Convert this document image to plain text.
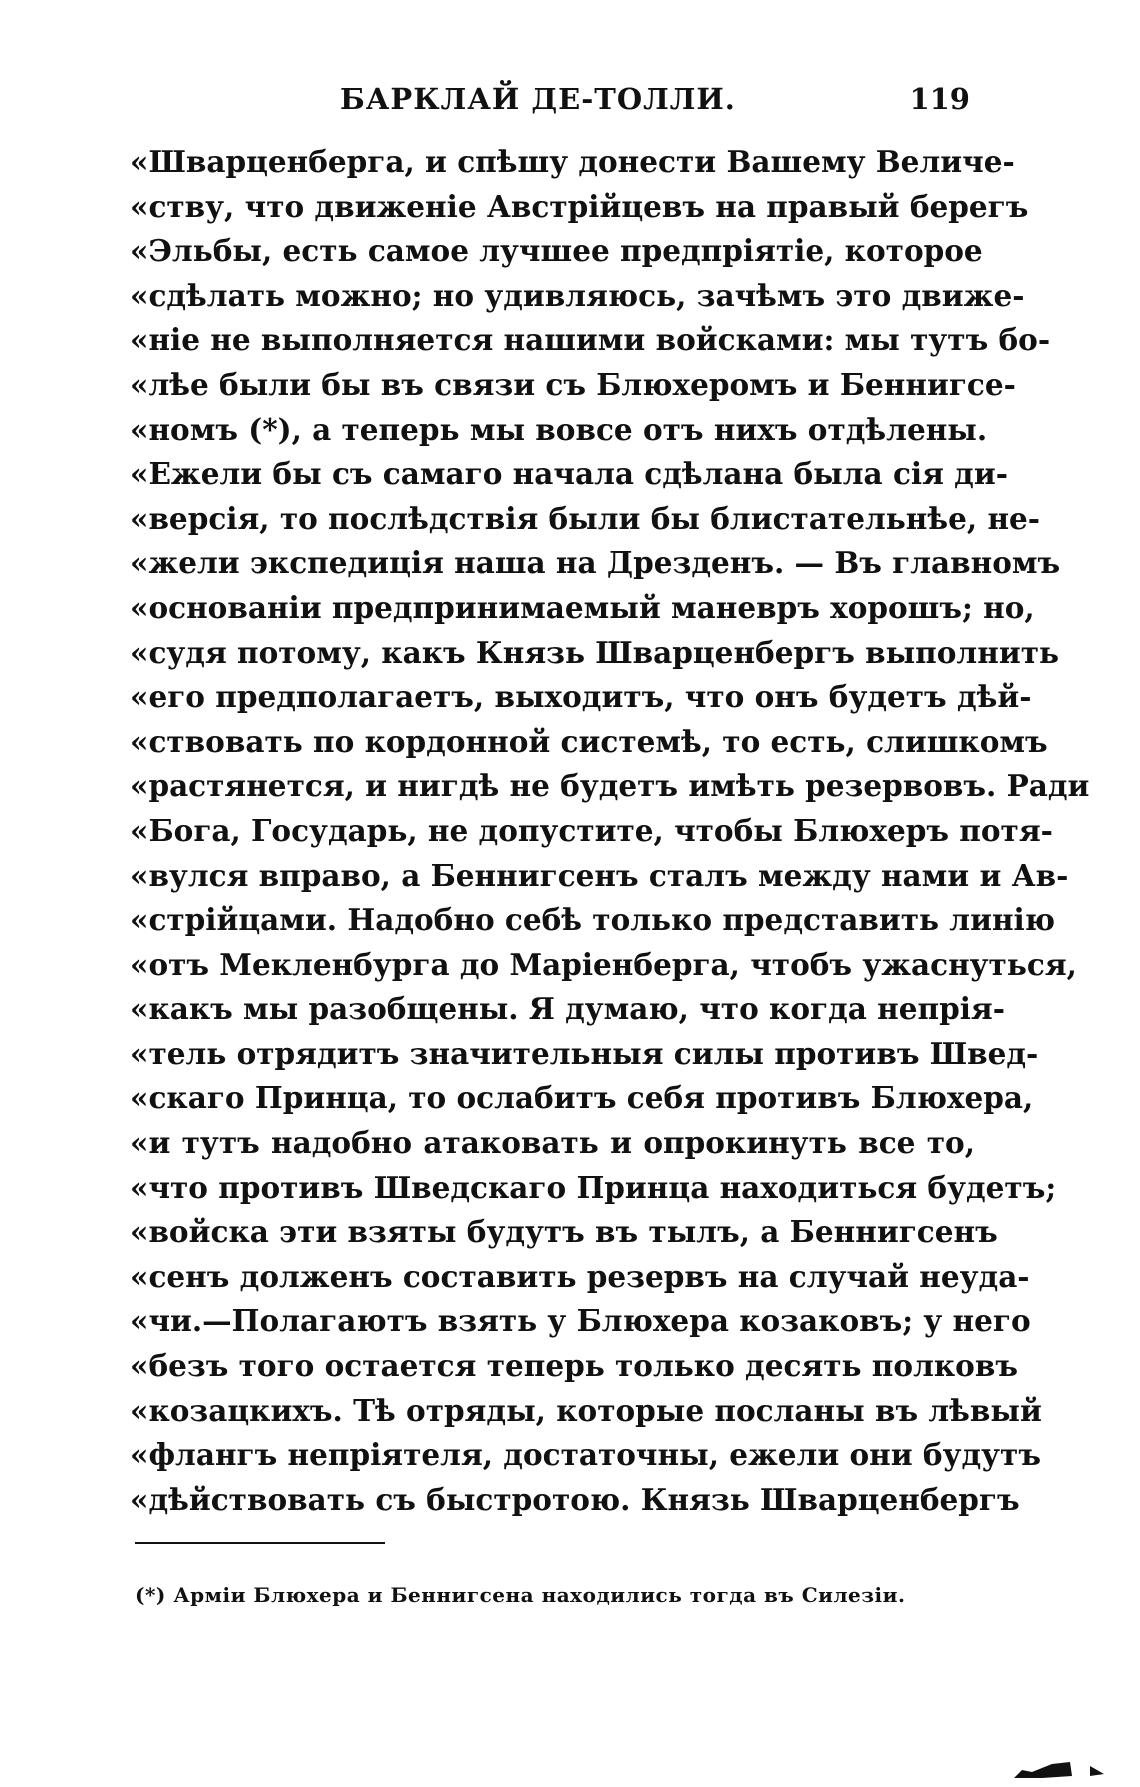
БАРКЛАЙ ДЕ-ТОЛЛИ.	119
«Шварценберга, и спѣшу донести Вашему Величе-
«ству, что движеніе Австрійцевъ на правый берегъ
«Эльбы, есть самое лучшее предпріятіе, которое
«сдѣлать можно; но удивляюсь, зачѣмъ это движе-
«ніе не выполняется нашими войсками: мы тутъ бо-
«лѣе были бы въ связи съ Блюхеромъ и Беннигсе-
«номъ (*), а теперь мы вовсе отъ нихъ отдѣлены.
«Ежели бы съ самаго начала сдѣлана была сія ди-
«версія, то послѣдствія были бы блистательнѣе, не-
«жели экспедиція наша на Дрезденъ. — Въ главномъ
«основаніи предпринимаемый маневръ хорошъ; но,
«судя потому, какъ Князь Шварценбергъ выполнить
«его предполагаетъ, выходитъ, что онъ будетъ дѣй-
«ствовать по кордонной системѣ, то есть, слишкомъ
«растянется, и нигдѣ не будетъ имѣть резервовъ. Ради
«Бога, Государь, не допустите, чтобы Блюхеръ потя-
«вулся вправо, а Беннигсенъ сталъ между нами и Ав-
«стрійцами. Надобно себѣ только представить линію
«отъ Мекленбурга до Маріенберга, чтобъ ужаснуться,
«какъ мы разобщены. Я думаю, что когда непрія-
«тель отрядитъ значительныя силы противъ Швед-
«скаго Принца, то ослабитъ себя противъ Блюхера,
«и тутъ надобно атаковать и опрокинуть все то,
«что противъ Шведскаго Принца находиться будетъ;
«войска эти взяты будутъ въ тылъ, а Беннигсенъ
«сенъ долженъ составить резервъ на случай неуда-
«чи.—Полагаютъ взять у Блюхера козаковъ; у него
«безъ того остается теперь только десять полковъ
«козацкихъ. Тѣ отряды, которые посланы въ лѣвый
«флангъ непріятеля, достаточны, ежели они будутъ
«дѣйствовать съ быстротою. Князь Шварценбергъ
(*) Арміи Блюхера и Беннигсена находились тогда въ Силезіи.
